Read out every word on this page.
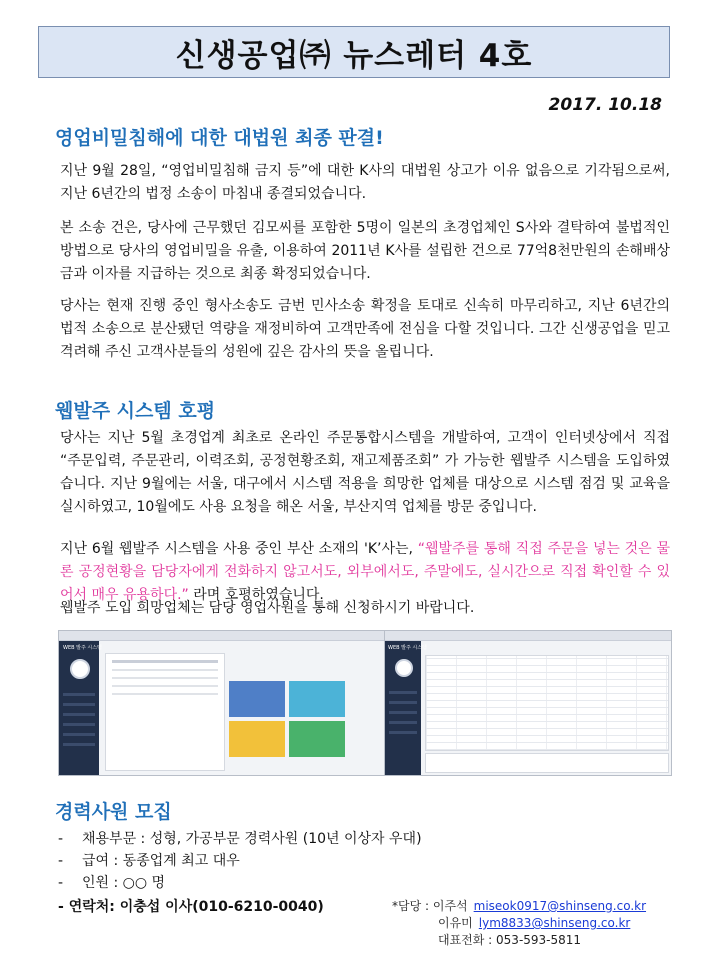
신생공업㈜ 뉴스레터 4호
2017. 10.18
영업비밀침해에 대한 대법원 최종 판결!

지난 9월 28일, “영업비밀침해 금지 등”에 대한 K사의 대법원 상고가 이유 없음으로 기각됨으로써, 지난 6년간의 법정 소송이 마침내 종결되었습니다.

본 소송 건은, 당사에 근무했던 김모씨를 포함한 5명이 일본의 초경업체인 S사와 결탁하여 불법적인 방법으로 당사의 영업비밀을 유출, 이용하여 2011년 K사를 설립한 건으로 77억8천만원의 손해배상금과 이자를 지급하는 것으로 최종 확정되었습니다.

당사는 현재 진행 중인 형사소송도 금번 민사소송 확정을 토대로 신속히 마무리하고, 지난 6년간의 법적 소송으로 분산됐던 역량을 재정비하여 고객만족에 전심을 다할 것입니다. 그간 신생공업을 믿고 격려해 주신 고객사분들의 성원에 깊은 감사의 뜻을 올립니다.

웹발주 시스템 호평

당사는 지난 5월 초경업계 최초로 온라인 주문통합시스템을 개발하여, 고객이 인터넷상에서 직접 “주문입력, 주문관리, 이력조회, 공정현황조회, 재고제품조회” 가 가능한 웹발주 시스템을 도입하였습니다. 지난 9월에는 서울, 대구에서 시스템 적용을 희망한 업체를 대상으로 시스템 점검 및 교육을 실시하였고, 10월에도 사용 요청을 해온 서울, 부산지역 업체를 방문 중입니다.

지난 6월 웹발주 시스템을 사용 중인 부산 소재의 'K’사는, “웹발주를 통해 직접 주문을 넣는 것은 물론 공정현황을 담당자에게 전화하지 않고서도, 외부에서도, 주말에도, 실시간으로 직접 확인할 수 있어서 매우 유용하다.” 라며 호평하였습니다.

웹발주 도입 희망업체는 담당 영업사원을 통해 신청하시기 바랍니다.

WEB 발주 시스템	WEB 발주 시스템
경력사원 모집
- 채용부문 : 성형, 가공부문 경력사원 (10년 이상자 우대)
- 급여 : 동종업계 최고 대우
- 인원 : ○○ 명
- 연락처: 이충섭 이사(010-6210-0040)	*담당 : 이주석 miseok0917@shinseng.co.kr
이유미 lym8833@shinseng.co.kr
대표전화 : 053-593-5811
